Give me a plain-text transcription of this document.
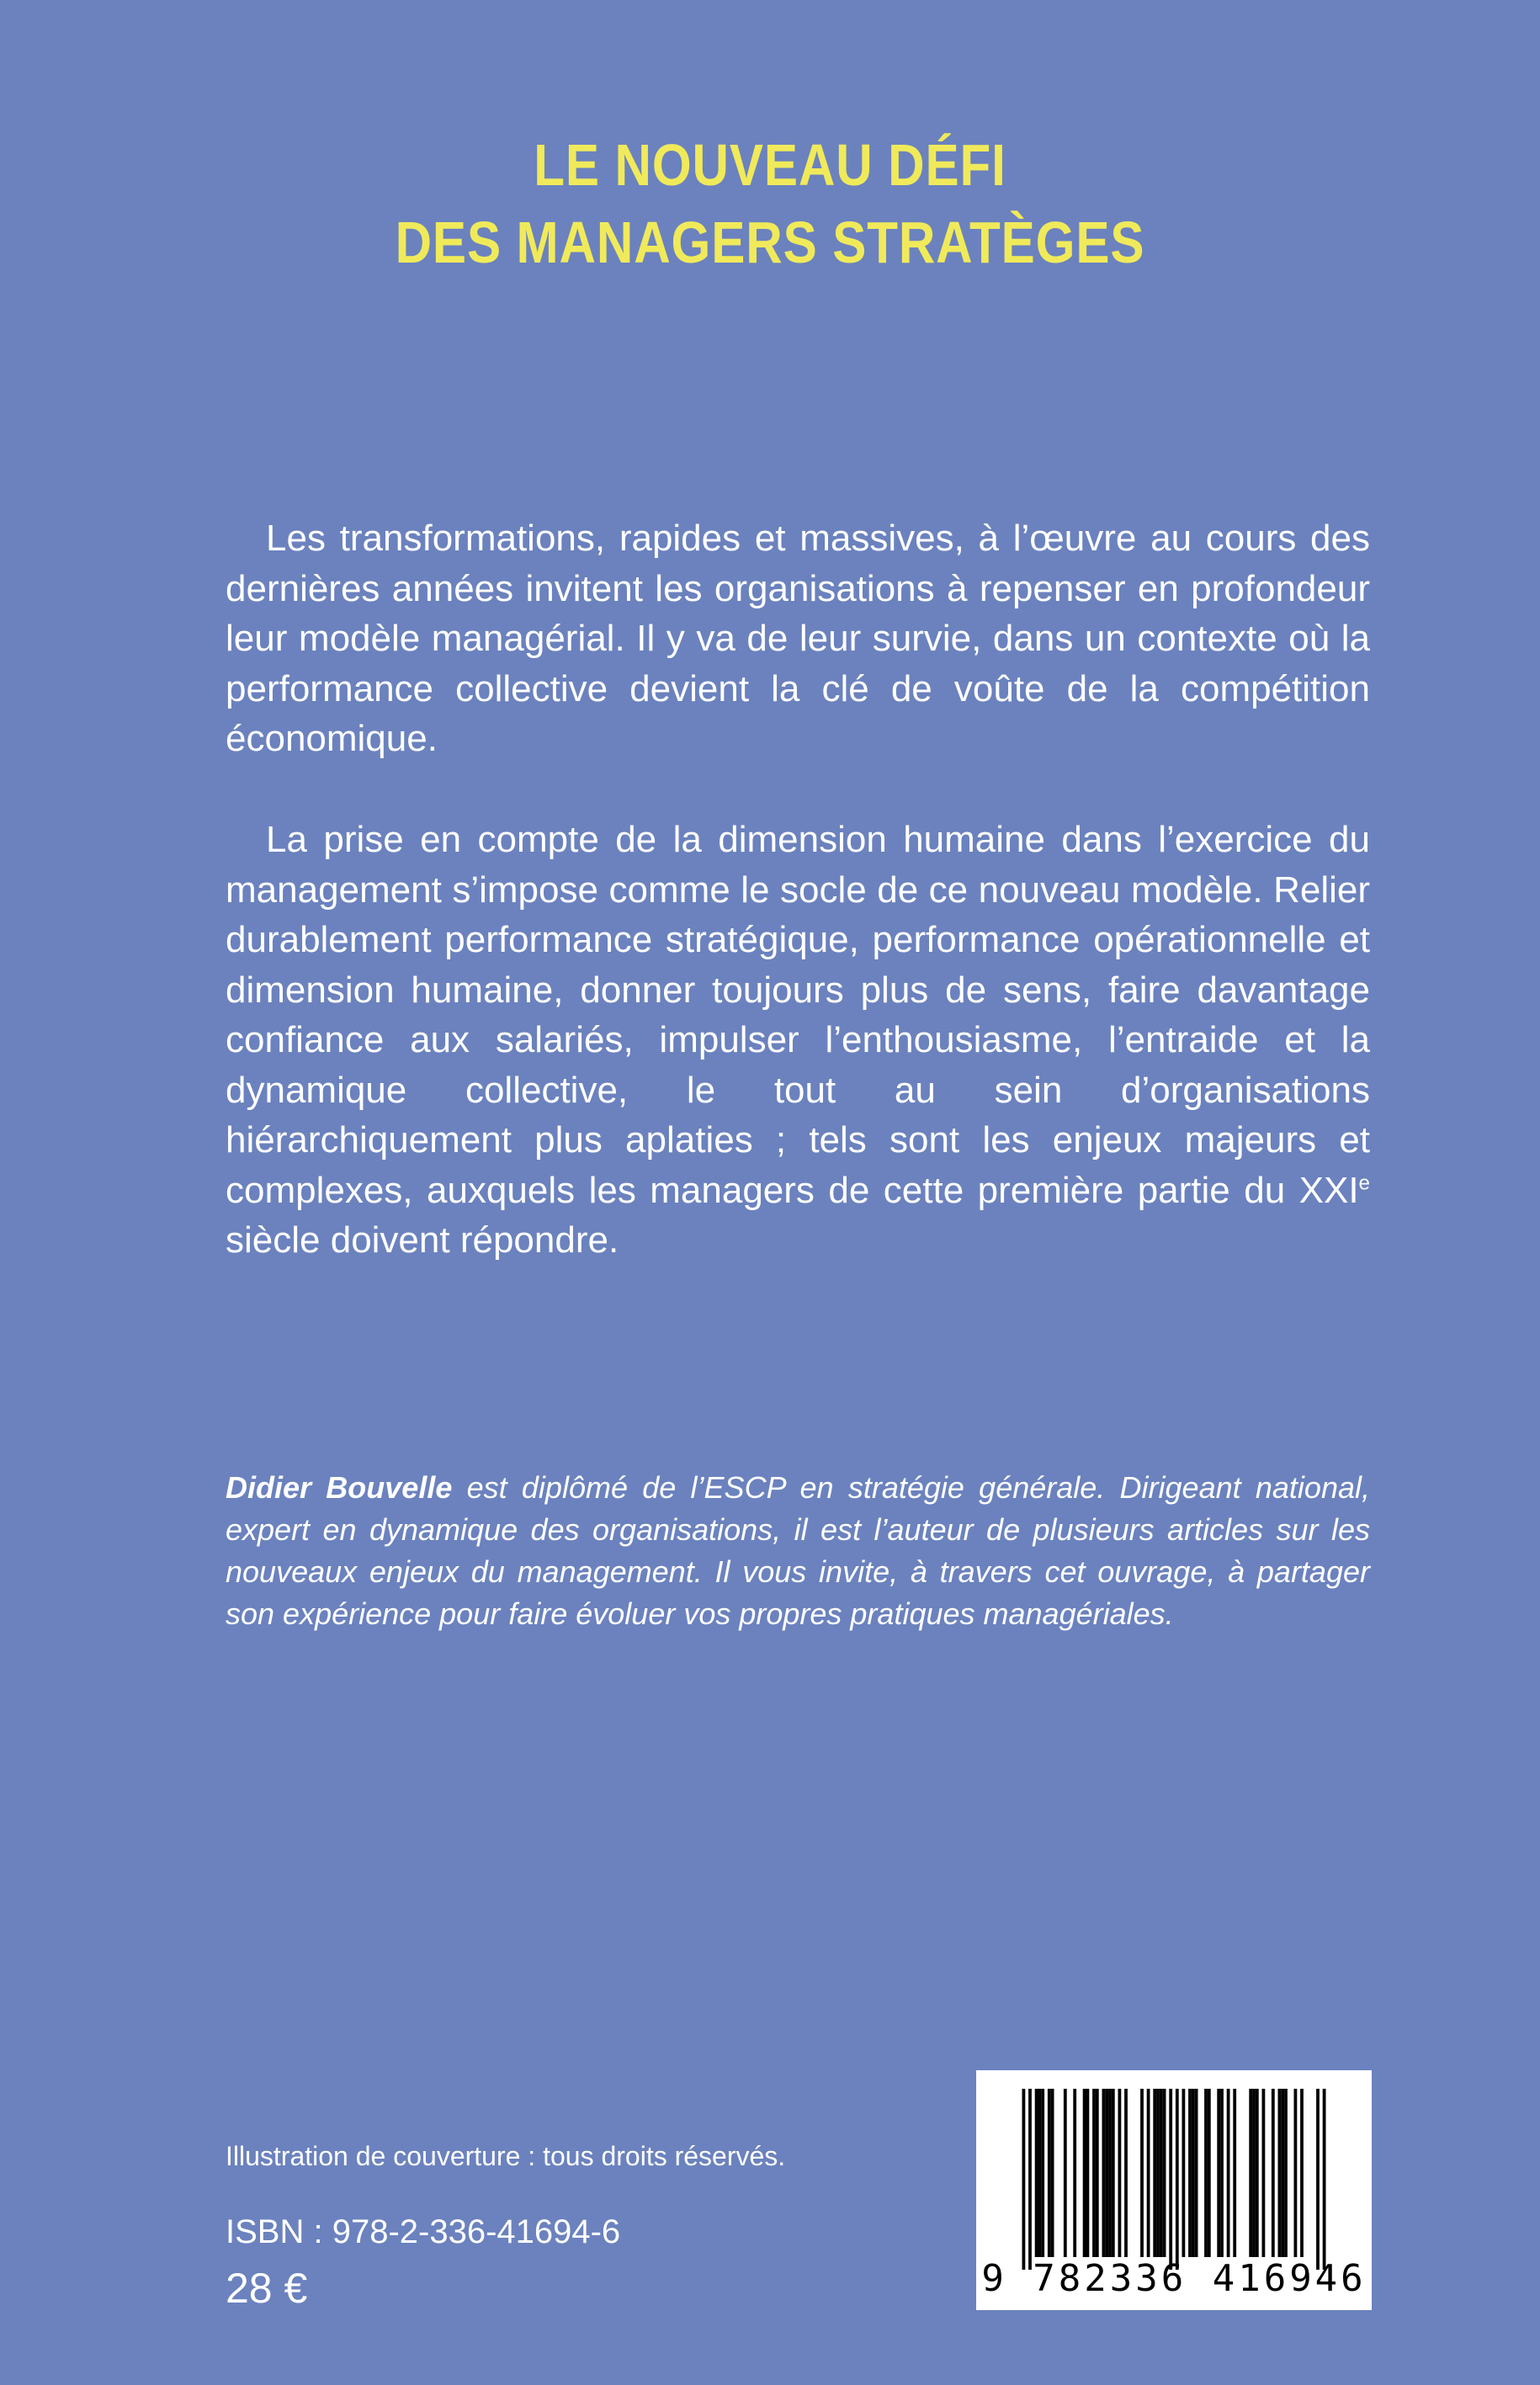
LE NOUVEAU DÉFI
DES MANAGERS STRATÈGES

Les transformations, rapides et massives, à l’œuvre au cours des dernières années invitent les organisations à repenser en profondeur leur modèle managérial. Il y va de leur survie, dans un contexte où la performance collective devient la clé de voûte de la compétition économique.

La prise en compte de la dimension humaine dans l’exercice du management s’impose comme le socle de ce nouveau modèle. Relier durablement performance stratégique, performance opérationnelle et dimension humaine, donner toujours plus de sens, faire davantage confiance aux salariés, impulser l’enthousiasme, l’entraide et la dynamique collective, le tout au sein d’organisations hiérarchiquement plus aplaties ; tels sont les enjeux majeurs et complexes, auxquels les managers de cette première partie du XXIe siècle doivent répondre.

Didier Bouvelle est diplômé de l’ESCP en stratégie générale. Dirigeant national, expert en dynamique des organisations, il est l’auteur de plusieurs articles sur les nouveaux enjeux du management. Il vous invite, à travers cet ouvrage, à partager son expérience pour faire évoluer vos propres pratiques managériales.

Illustration de couverture : tous droits réservés.
ISBN : 978-2-336-41694-6
28 €	9 782336 416946
